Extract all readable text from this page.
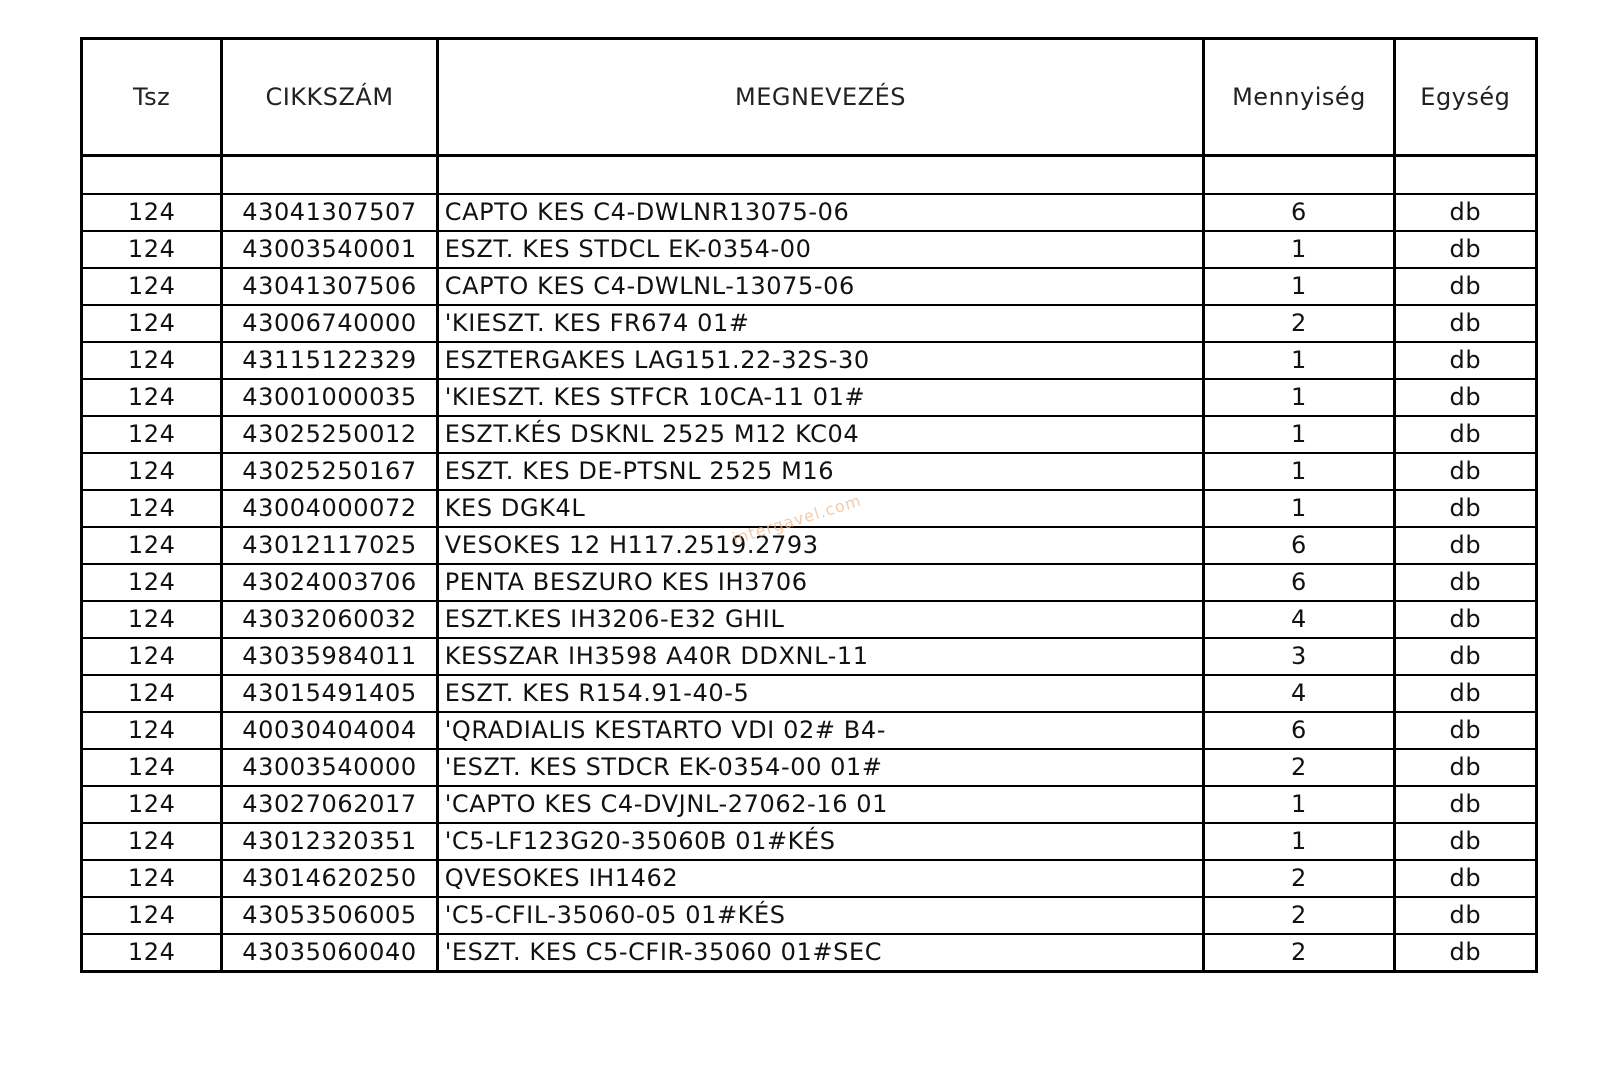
Tsz	CIKKSZÁM	MEGNEVEZÉS	Mennyiség	Egység

124	43041307507	CAPTO KES C4-DWLNR13075-06	6	db
124	43003540001	ESZT. KES STDCL EK-0354-00	1	db
124	43041307506	CAPTO KES C4-DWLNL-13075-06	1	db
124	43006740000	'KIESZT. KES FR674 01#	2	db
124	43115122329	ESZTERGAKES LAG151.22-32S-30	1	db
124	43001000035	'KIESZT. KES STFCR 10CA-11 01#	1	db
124	43025250012	ESZT.KÉS DSKNL 2525 M12 KC04	1	db
124	43025250167	ESZT. KES DE-PTSNL 2525 M16	1	db
124	43004000072	KES DGK4L	1	db
124	43012117025	VESOKES 12 H117.2519.2793	6	db
124	43024003706	PENTA BESZURO KES IH3706	6	db
124	43032060032	ESZT.KES IH3206-E32 GHIL	4	db
124	43035984011	KESSZAR IH3598 A40R DDXNL-11	3	db
124	43015491405	ESZT. KES R154.91-40-5	4	db
124	40030404004	'QRADIALIS KESTARTO VDI 02# B4-	6	db
124	43003540000	'ESZT. KES STDCR EK-0354-00 01#	2	db
124	43027062017	'CAPTO KES C4-DVJNL-27062-16 01	1	db
124	43012320351	'C5-LF123G20-35060B 01#KÉS	1	db
124	43014620250	QVESOKES IH1462	2	db
124	43053506005	'C5-CFIL-35060-05 01#KÉS	2	db
124	43035060040	'ESZT. KES C5-CFIR-35060 01#SEC	2	db
intergavel.com
